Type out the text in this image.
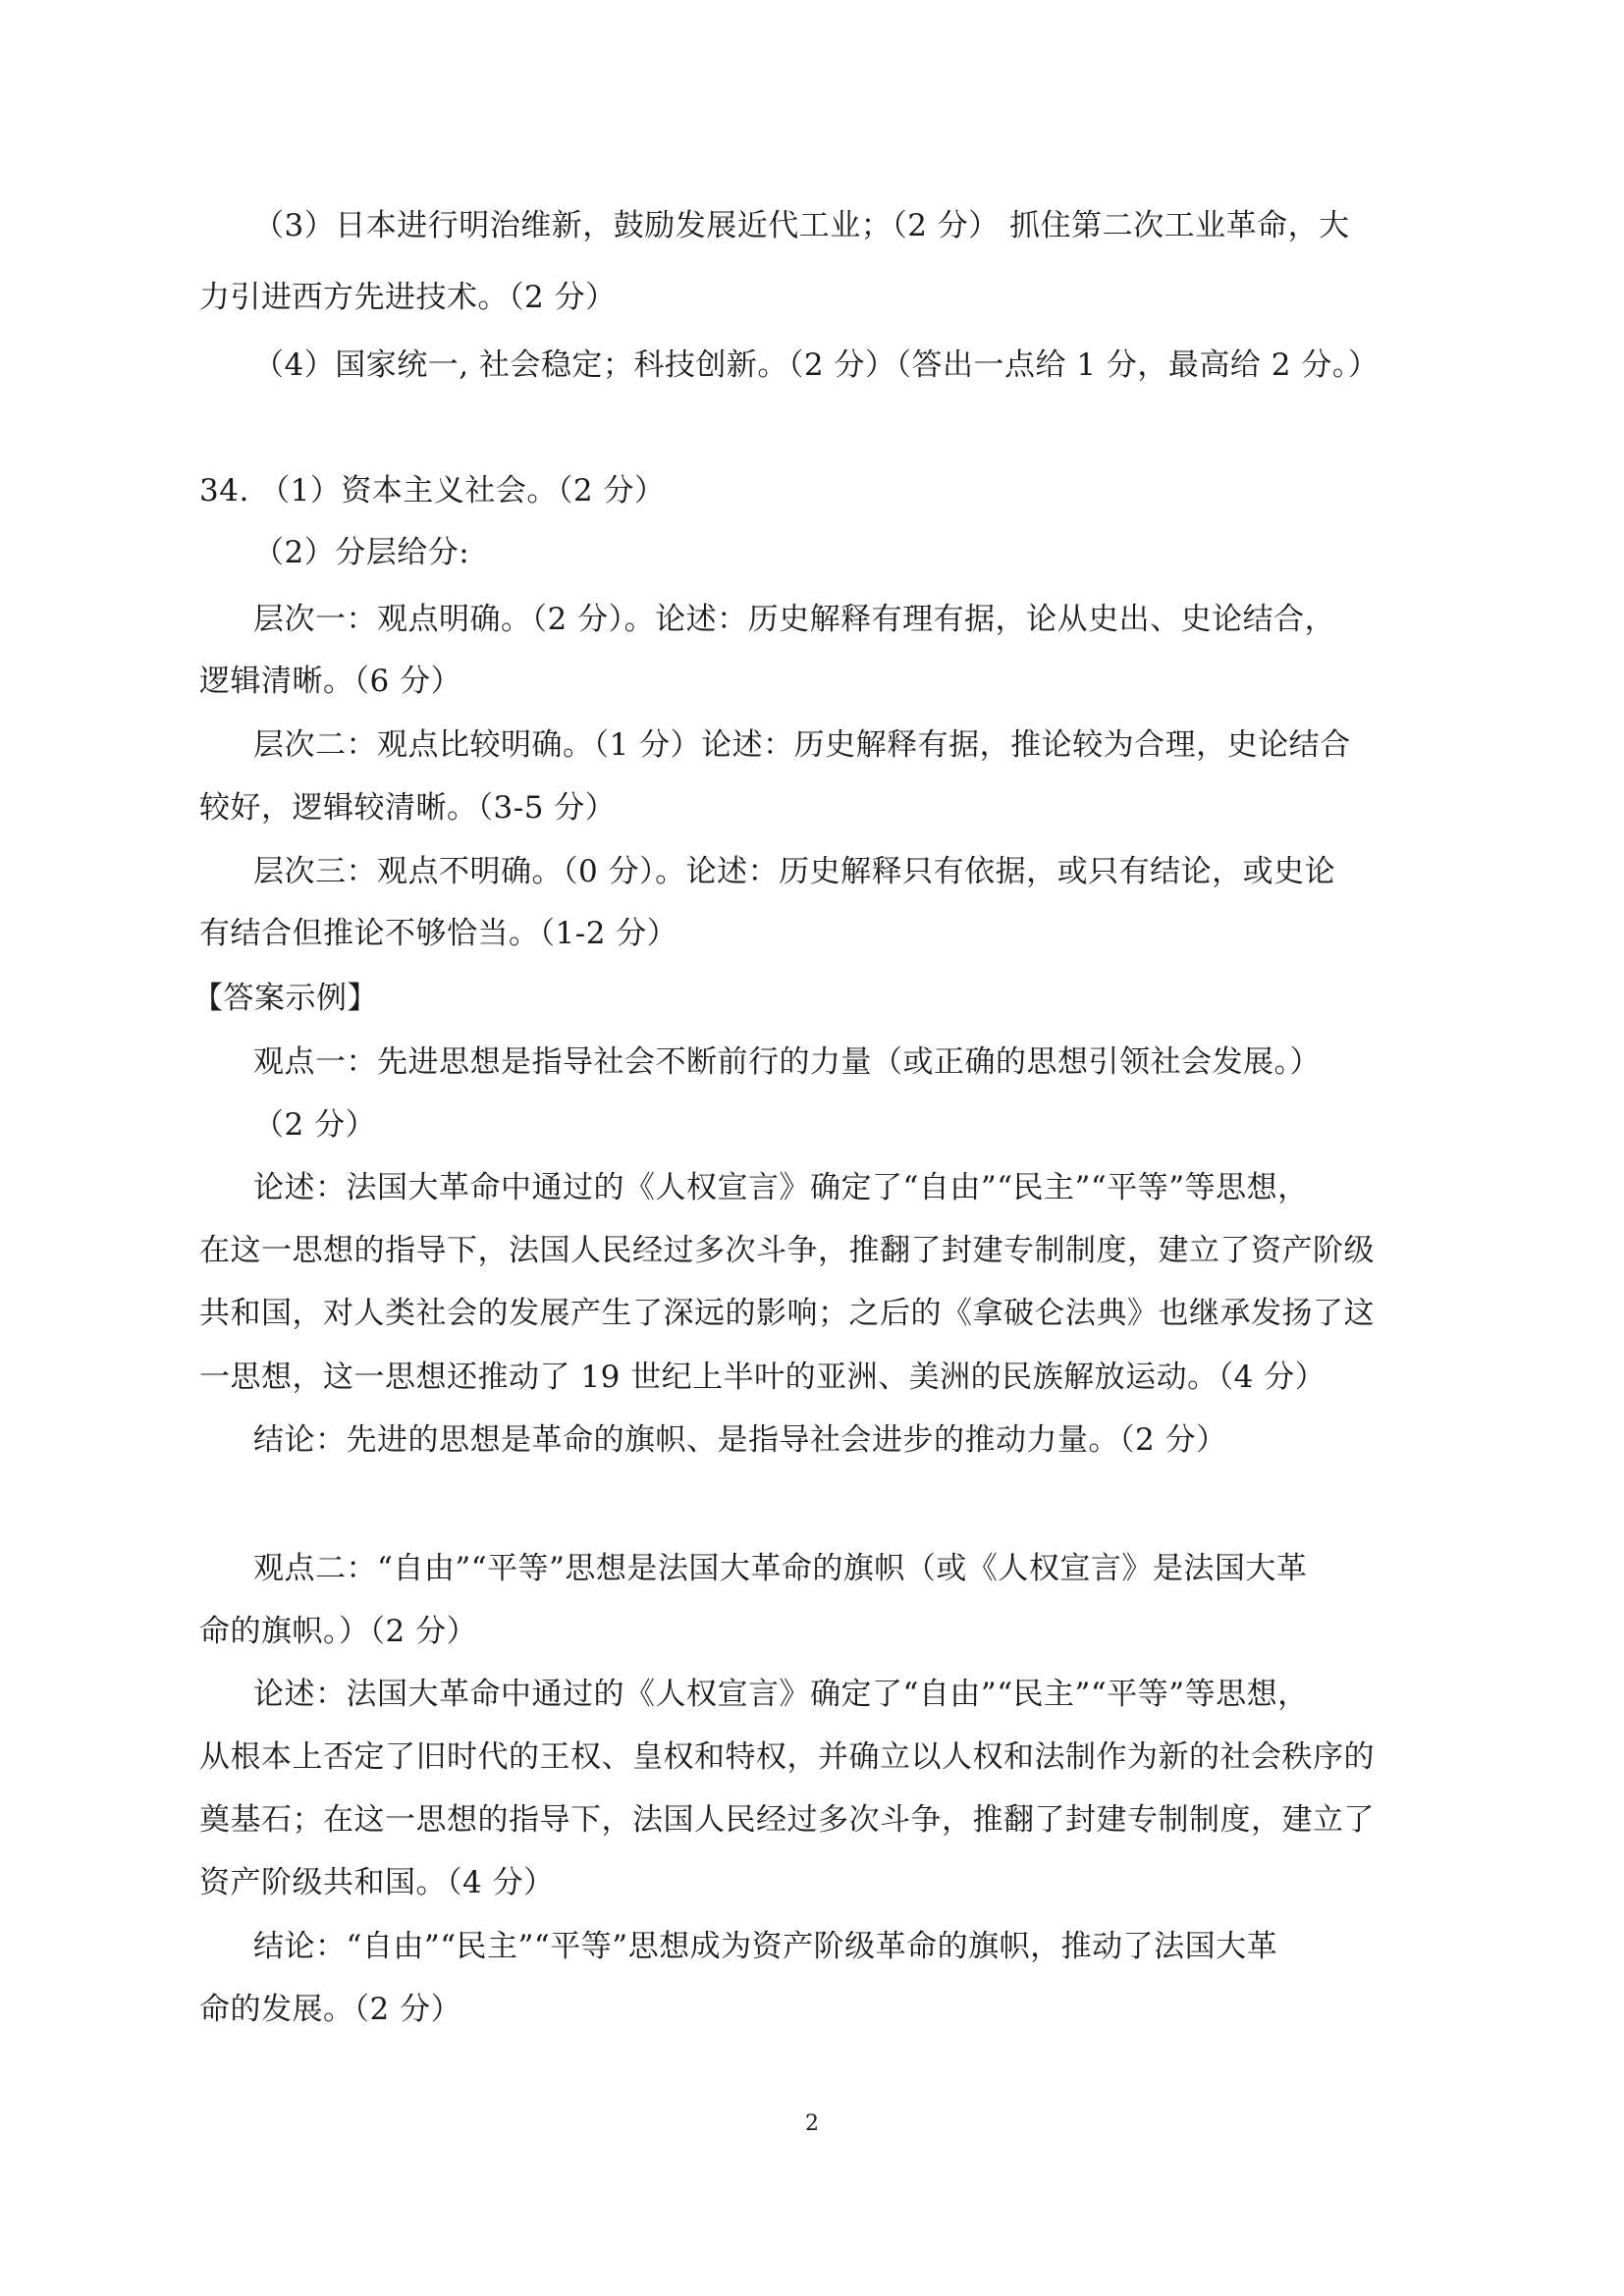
（3）日本进行明治维新，鼓励发展近代工业；（2 分） 抓住第二次工业革命，大
力引进西方先进技术。（2 分）
（4）国家统一, 社会稳定；科技创新。（2 分）（答出一点给 1 分，最高给 2 分。）
34. （1）资本主义社会。（2 分）
（2）分层给分:
层次一：观点明确。（2 分）。论述：历史解释有理有据，论从史出、史论结合，
逻辑清晰。（6 分）
层次二：观点比较明确。（1 分）论述：历史解释有据，推论较为合理，史论结合
较好，逻辑较清晰。（3-5 分）
层次三：观点不明确。（0 分）。论述：历史解释只有依据，或只有结论，或史论
有结合但推论不够恰当。（1-2 分）
【答案示例】
观点一：先进思想是指导社会不断前行的力量（或正确的思想引领社会发展。）
（2 分）
论述：法国大革命中通过的《人权宣言》确定了“自由”“民主”“平等”等思想，
在这一思想的指导下，法国人民经过多次斗争，推翻了封建专制制度，建立了资产阶级
共和国，对人类社会的发展产生了深远的影响；之后的《拿破仑法典》也继承发扬了这
一思想，这一思想还推动了 19 世纪上半叶的亚洲、美洲的民族解放运动。（4 分）
结论：先进的思想是革命的旗帜、是指导社会进步的推动力量。（2 分）
观点二：“自由”“平等”思想是法国大革命的旗帜（或《人权宣言》是法国大革
命的旗帜。）（2 分）
论述：法国大革命中通过的《人权宣言》确定了“自由”“民主”“平等”等思想，
从根本上否定了旧时代的王权、皇权和特权，并确立以人权和法制作为新的社会秩序的
奠基石；在这一思想的指导下，法国人民经过多次斗争，推翻了封建专制制度，建立了
资产阶级共和国。（4 分）
结论：“自由”“民主”“平等”思想成为资产阶级革命的旗帜，推动了法国大革
命的发展。（2 分）
2
